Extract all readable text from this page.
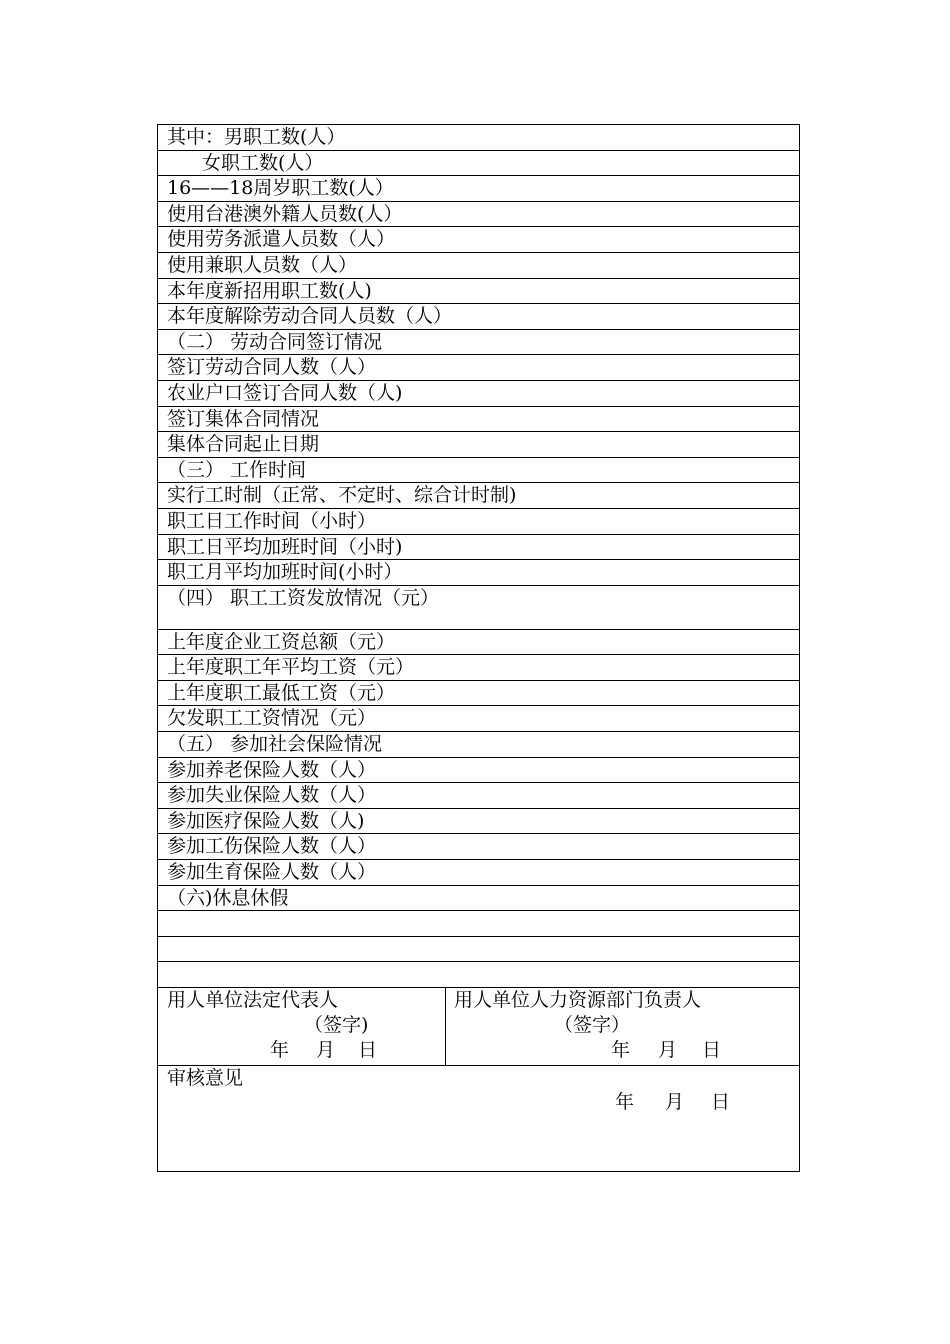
其中：男职工数(人）
女职工数(人）
16——18周岁职工数(人）
使用台港澳外籍人员数(人）
使用劳务派遣人员数（人）
使用兼职人员数（人）
本年度新招用职工数(人)
本年度解除劳动合同人员数（人）
（二） 劳动合同签订情况
签订劳动合同人数（人）
农业户口签订合同人数（人)
签订集体合同情况
集体合同起止日期
（三） 工作时间
实行工时制（正常、不定时、综合计时制)
职工日工作时间（小时）
职工日平均加班时间（小时)
职工月平均加班时间(小时）
（四） 职工工资发放情况（元）
上年度企业工资总额（元）
上年度职工年平均工资（元）
上年度职工最低工资（元）
欠发职工工资情况（元）
（五） 参加社会保险情况
参加养老保险人数（人）
参加失业保险人数（人）
参加医疗保险人数（人)
参加工伤保险人数（人）
参加生育保险人数（人）
（六)休息休假
用人单位法定代表人
（签字)
年 月 日
用人单位人力资源部门负责人
（签字）
年 月 日
审核意见
年 月 日
